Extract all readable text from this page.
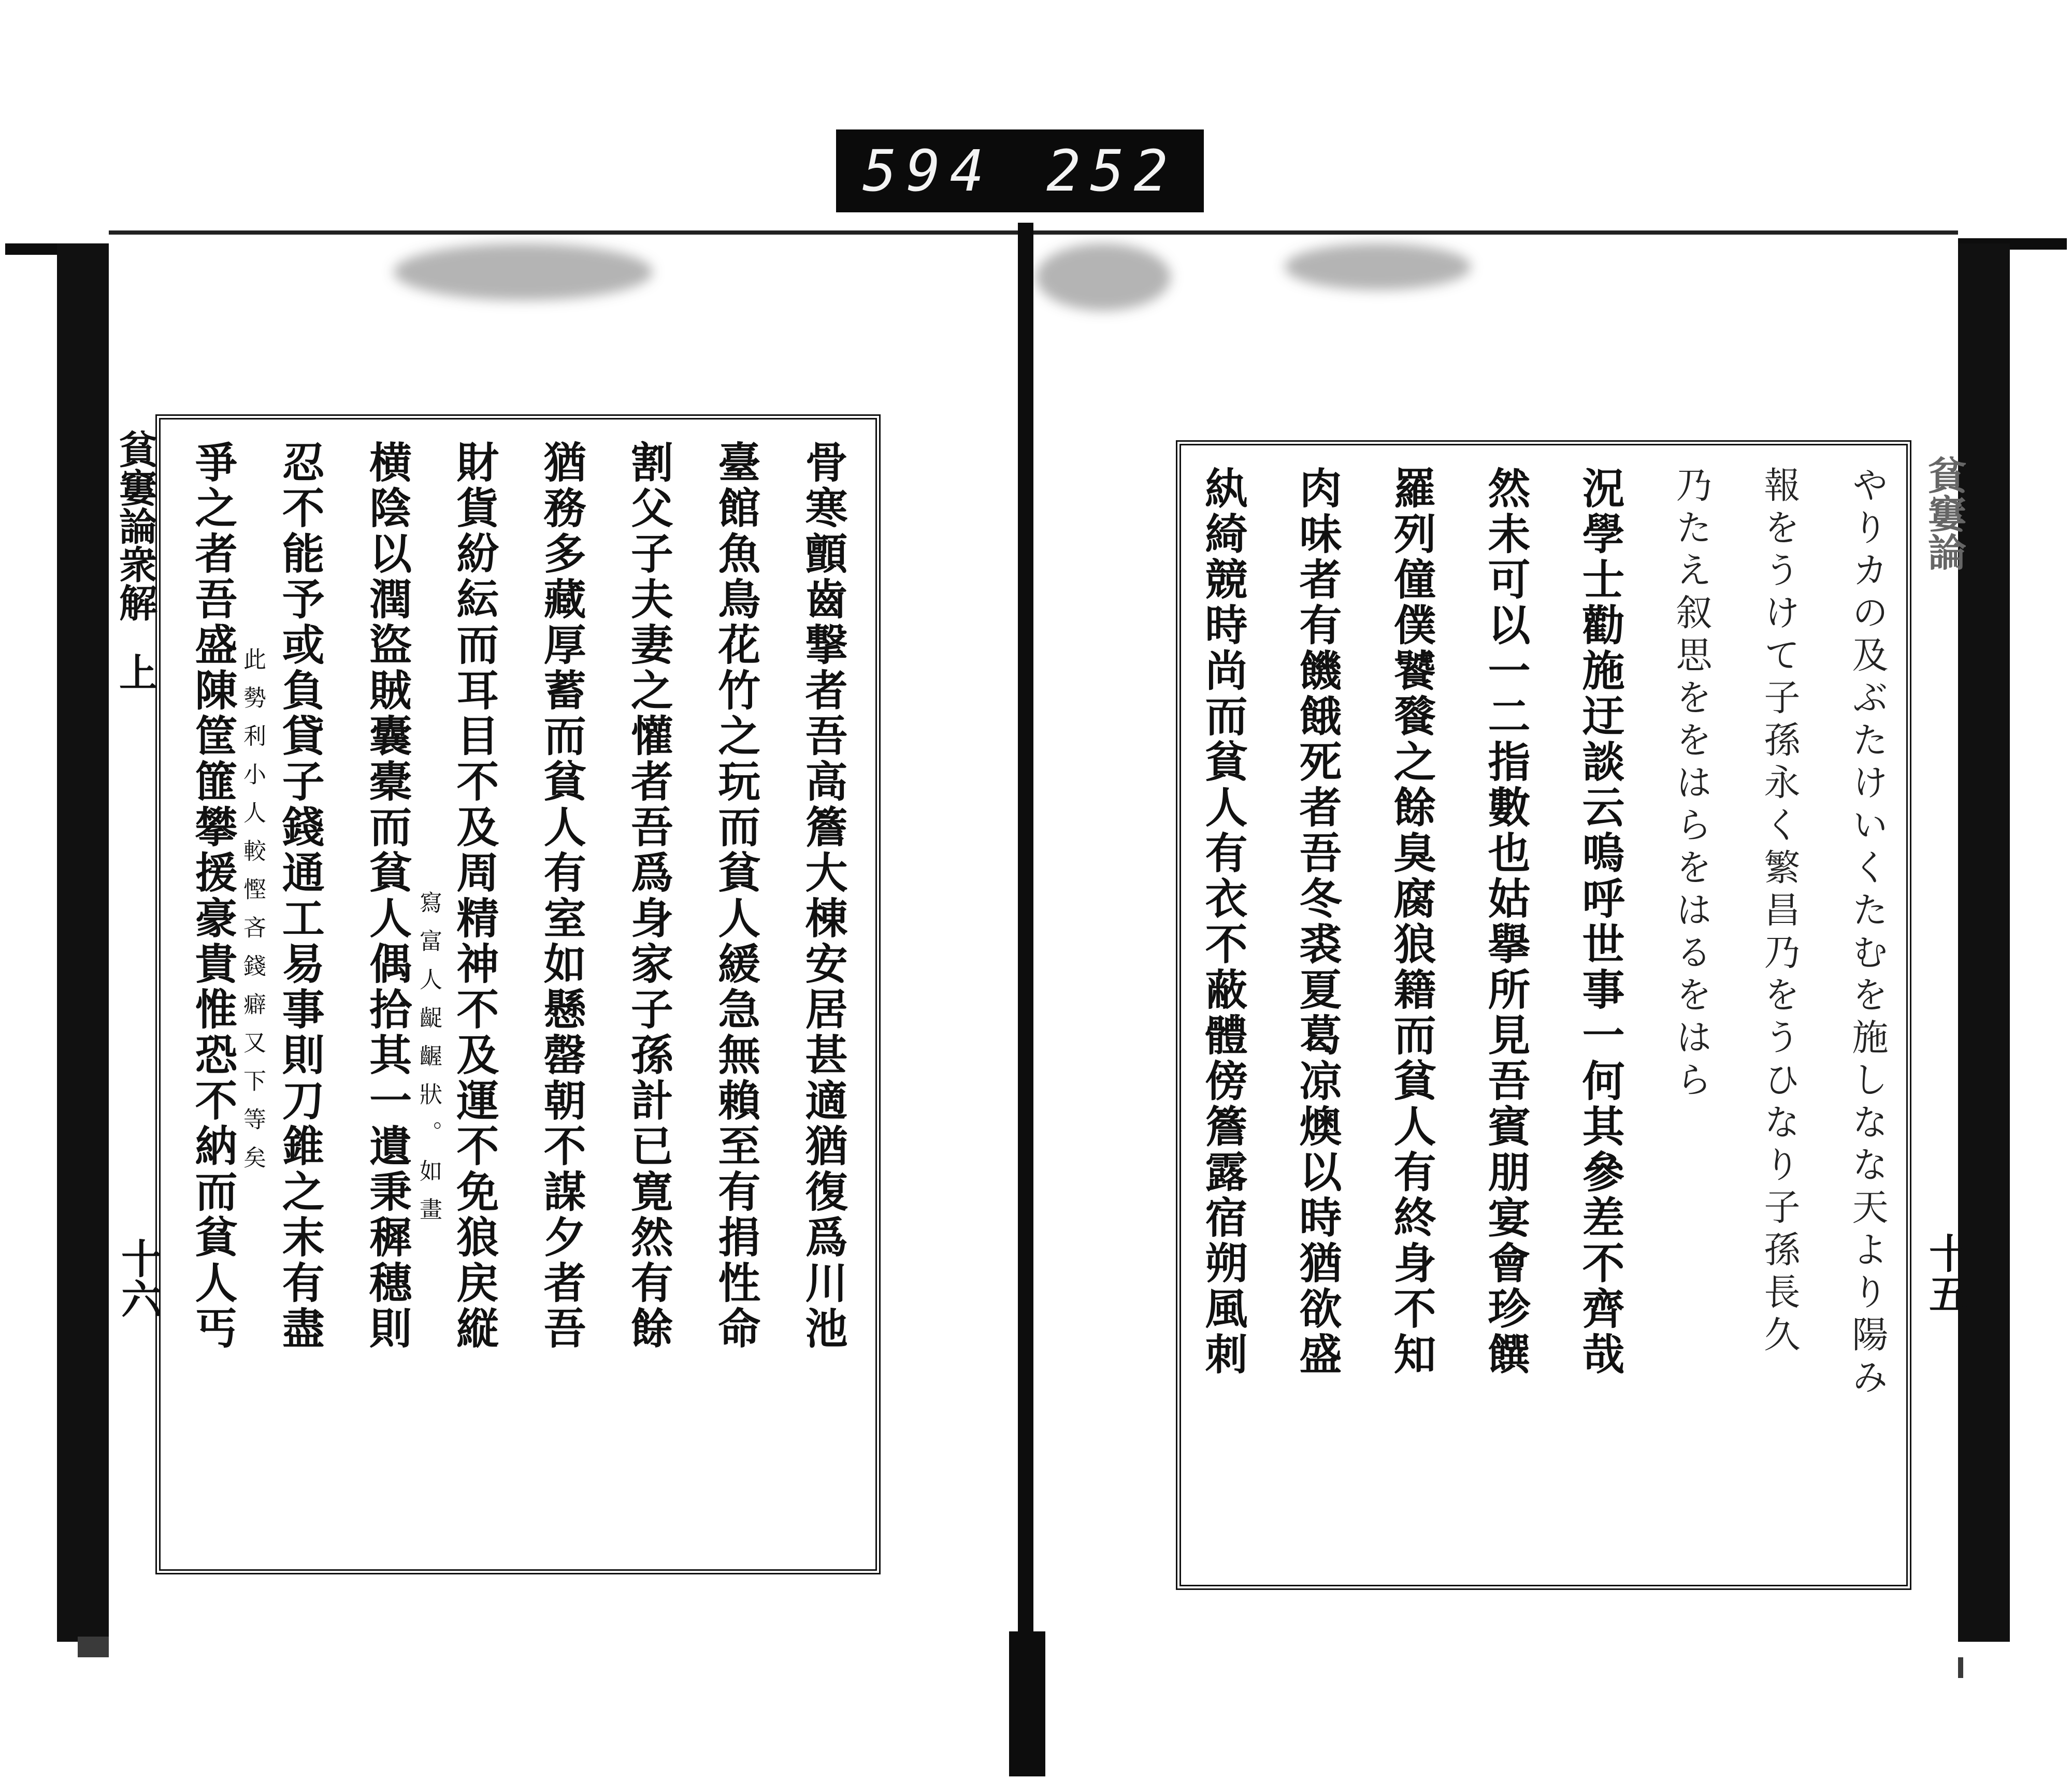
594 252
骨寒顫齒撃者吾高簷大棟安居甚適猶復爲川池
臺館魚鳥花竹之玩而貧人緩急無賴至有捐性命
割父子夫妻之懽者吾爲身家子孫計已寛然有餘
猶務多藏厚蓄而貧人有室如懸罄朝不謀夕者吾
財貨紛紜而耳目不及周精神不及運不免狼戻縦
横陰以潤盜賊囊橐而貧人偶拾其一遺秉穉穗則
忍不能予或負貸子錢通工易事則刀錐之末有盡
爭之者吾盛陳筐篚攀援豪貴惟恐不納而貧人丐	寫富人齪齷狀。如畫
此勢利小人較慳吝錢癖又下等矣
貧窶論衆解
上
十六	やりカの及ぶたけいくたむを施しなな天より陽み
報をうけて子孫永く繁昌乃をうひなり子孫長久
乃たえ叙思ををはらをはるをはら
況學士勸施迂談云嗚呼世事一何其參差不齊哉
然未可以一二指數也姑擧所見吾賓朋宴會珍饌
羅列僮僕饕餮之餘臭腐狼籍而貧人有終身不知
肉味者有饑餓死者吾冬裘夏葛凉燠以時猶欲盛
紈綺競時尚而貧人有衣不蔽體傍簷露宿朔風刺	貧窶論
十五
